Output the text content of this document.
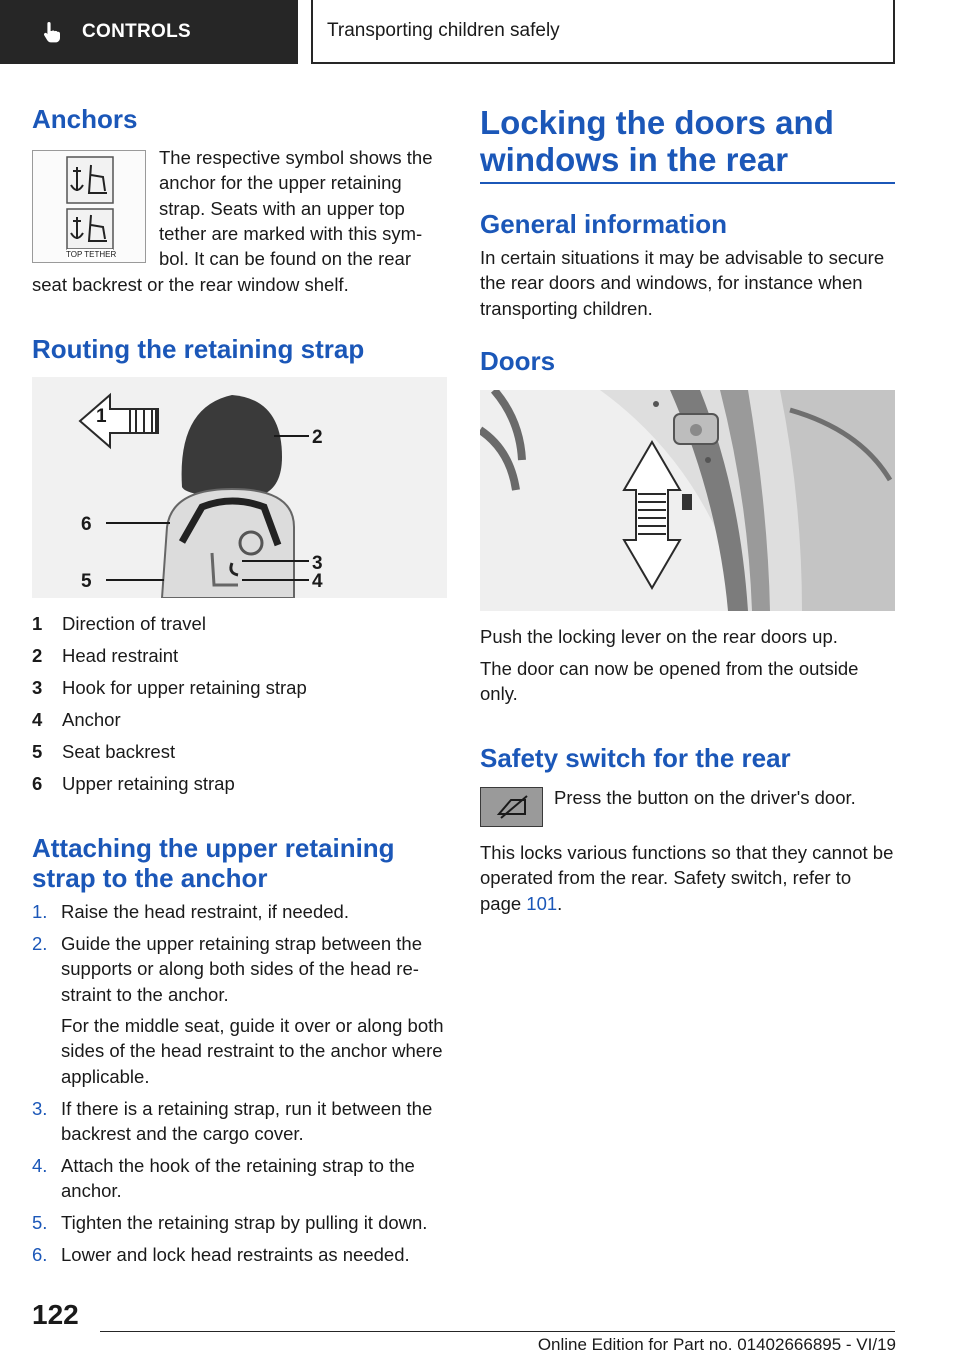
CONTROLS	Transporting children safely
Anchors
TOP TETHER
The respective symbol shows the
anchor for the upper retaining
strap. Seats with an upper top
tether are marked with this sym-
bol. It can be found on the rear
seat backrest or the rear window shelf.
Routing the retaining strap
1
2
3
4
5
6
1 Direction of travel
2 Head restraint
3 Hook for upper retaining strap
4 Anchor
5 Seat backrest
6 Upper retaining strap
Attaching the upper retaining
strap to the anchor
1. Raise the head restraint, if needed.
2. Guide the upper retaining strap between the supports or along both sides of the head re-straint to the anchor.
For the middle seat, guide it over or along both sides of the head restraint to the anchor where applicable.
3. If there is a retaining strap, run it between the backrest and the cargo cover.
4. Attach the hook of the retaining strap to the anchor.
5. Tighten the retaining strap by pulling it down.
6. Lower and lock head restraints as needed.
Locking the doors and
windows in the rear
General information

In certain situations it may be advisable to secure the rear doors and windows, for instance when transporting children.

Doors

Push the locking lever on the rear doors up.

The door can now be opened from the outside only.

Safety switch for the rear

Press the button on the driver's door.

This locks various functions so that they cannot be operated from the rear. Safety switch, refer to page 101.

122
Online Edition for Part no. 01402666895 - VI/19
